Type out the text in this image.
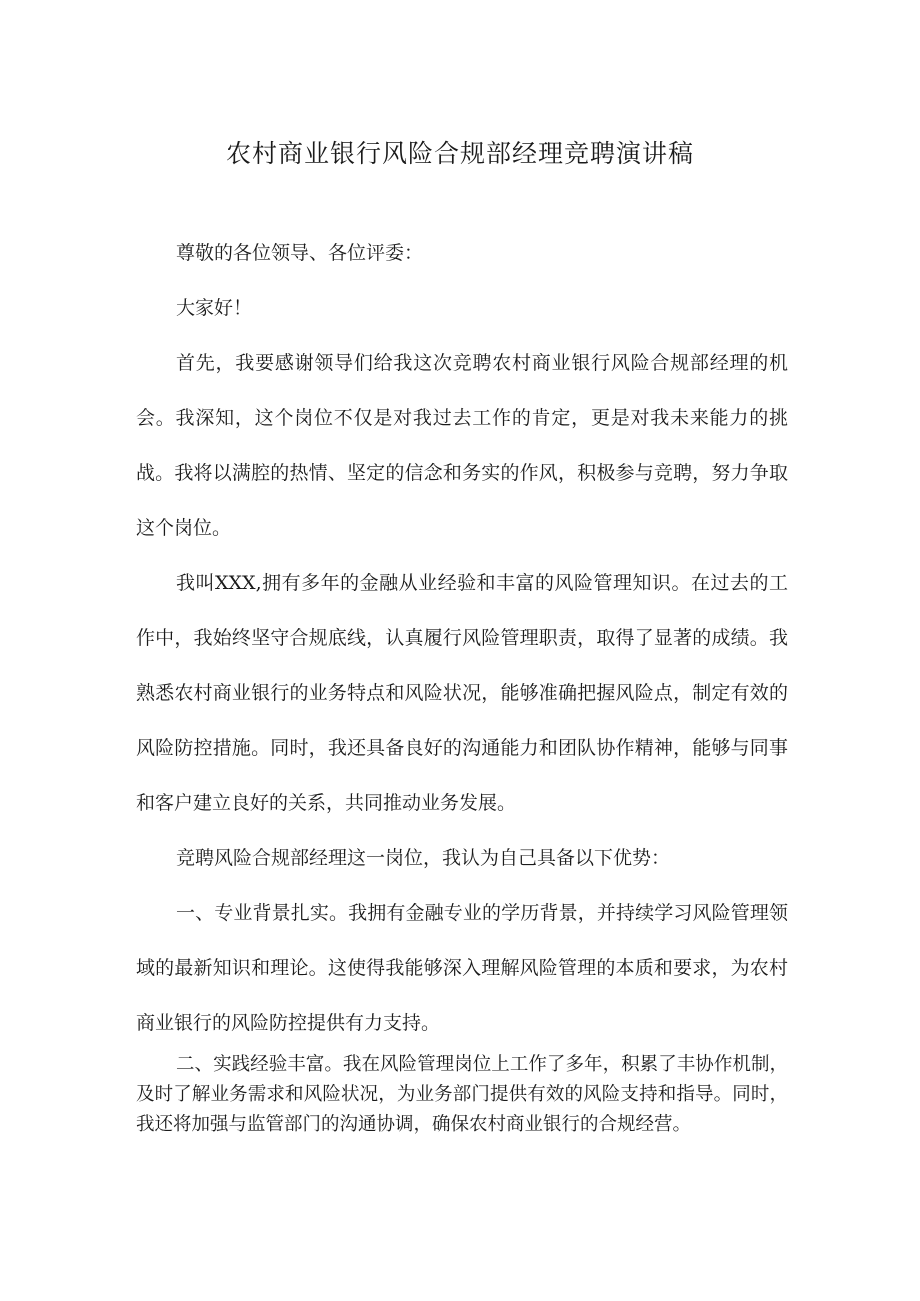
农村商业银行风险合规部经理竞聘演讲稿

尊敬的各位领导、各位评委：

大家好！

首先，我要感谢领导们给我这次竞聘农村商业银行风险合规部经理的机会。我深知，这个岗位不仅是对我过去工作的肯定，更是对我未来能力的挑战。我将以满腔的热情、坚定的信念和务实的作风，积极参与竞聘，努力争取这个岗位。

我叫XXX,拥有多年的金融从业经验和丰富的风险管理知识。在过去的工作中，我始终坚守合规底线，认真履行风险管理职责，取得了显著的成绩。我熟悉农村商业银行的业务特点和风险状况，能够准确把握风险点，制定有效的风险防控措施。同时，我还具备良好的沟通能力和团队协作精神，能够与同事和客户建立良好的关系，共同推动业务发展。

竞聘风险合规部经理这一岗位，我认为自己具备以下优势：

一、专业背景扎实。我拥有金融专业的学历背景，并持续学习风险管理领域的最新知识和理论。这使得我能够深入理解风险管理的本质和要求，为农村商业银行的风险防控提供有力支持。

二、实践经验丰富。我在风险管理岗位上工作了多年，积累了丰协作机制，及时了解业务需求和风险状况，为业务部门提供有效的风险支持和指导。同时，我还将加强与监管部门的沟通协调，确保农村商业银行的合规经营。
